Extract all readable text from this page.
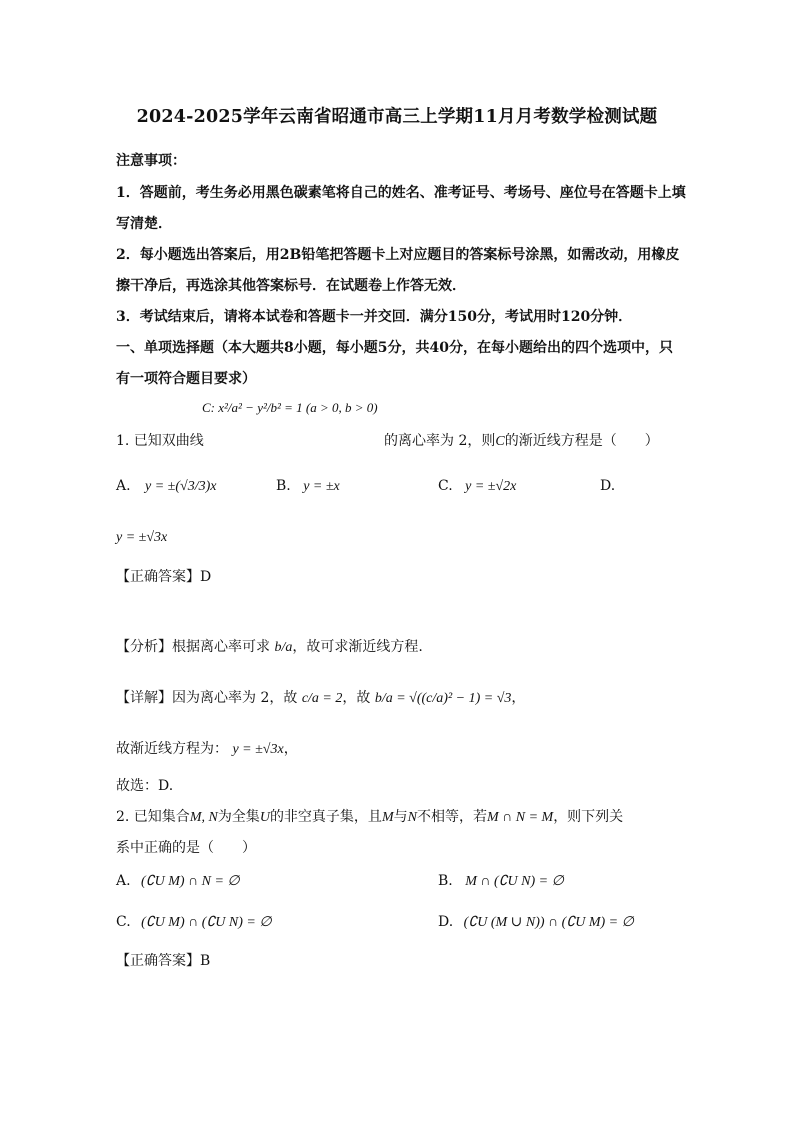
2024-2025学年云南省昭通市高三上学期11月月考数学检测试题
注意事项：
1．答题前，考生务必用黑色碳素笔将自己的姓名、准考证号、考场号、座位号在答题卡上填
写清楚．
2．每小题选出答案后，用2B铅笔把答题卡上对应题目的答案标号涂黑，如需改动，用橡皮
擦干净后，再选涂其他答案标号．在试题卷上作答无效．
3．考试结束后，请将本试卷和答题卡一并交回．满分150分，考试用时120分钟．
一、单项选择题（本大题共8小题，每小题5分，共40分，在每小题给出的四个选项中，只
有一项符合题目要求）
1. 已知双曲线
C: x²/a² − y²/b² = 1 (a > 0, b > 0)
的离心率为 2，则C的渐近线方程是（　　）
A. y = ±(√3/3)x	B. y = ±x	C. y = ±√2x	D.
y = ±√3x
【正确答案】D
【分析】根据离心率可求 b/a，故可求渐近线方程.
【详解】因为离心率为 2，故 c/a = 2，故 b/a = √((c/a)² − 1) = √3，
故渐近线方程为： y = ±√3x，
故选：D.
2. 已知集合M, N为全集U的非空真子集，且M与N不相等，若M ∩ N = M，则下列关
系中正确的是（　　）
A. (∁U M) ∩ N = ∅	B. M ∩ (∁U N) = ∅
C. (∁U M) ∩ (∁U N) = ∅	D. (∁U (M ∪ N)) ∩ (∁U M) = ∅
【正确答案】B
